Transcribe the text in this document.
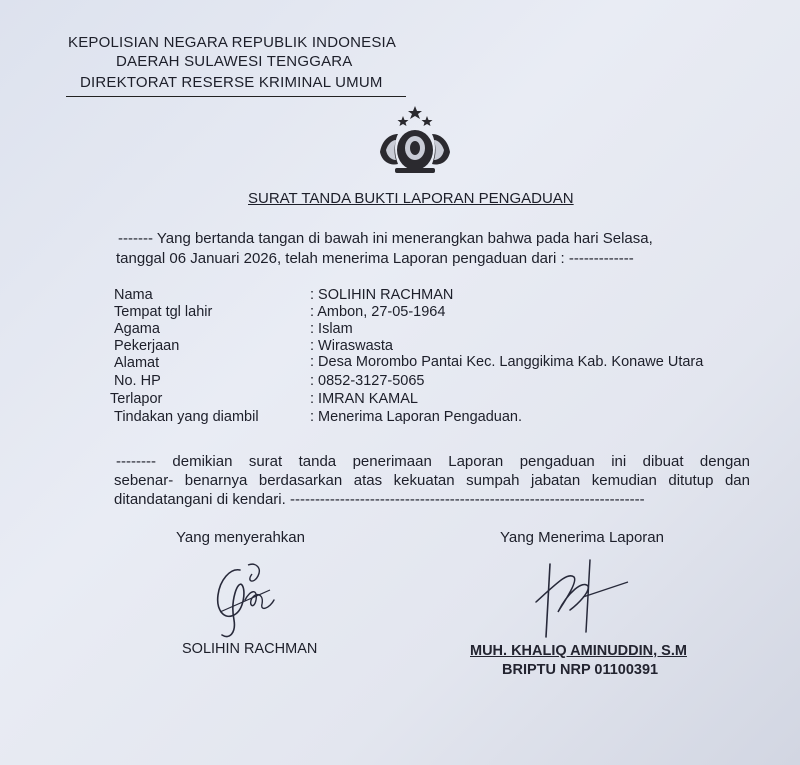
KEPOLISIAN NEGARA REPUBLIK INDONESIA
DAERAH SULAWESI TENGGARA
DIREKTORAT RESERSE KRIMINAL UMUM
SURAT TANDA BUKTI LAPORAN PENGADUAN
------- Yang bertanda tangan di bawah ini menerangkan bahwa pada hari Selasa,
tanggal 06 Januari 2026, telah menerima Laporan pengaduan dari : -------------
Nama	: SOLIHIN RACHMAN
Tempat tgl lahir	: Ambon, 27-05-1964
Agama	: Islam
Pekerjaan	: Wiraswasta
Alamat	: Desa Morombo Pantai Kec. Langgikima Kab. Konawe Utara
No. HP	: 0852-3127-5065
Terlapor	: IMRAN KAMAL
Tindakan yang diambil	: Menerima Laporan Pengaduan.
-------- demikian surat tanda penerimaan Laporan pengaduan ini dibuat dengan
sebenar- benarnya berdasarkan atas kekuatan sumpah jabatan kemudian ditutup dan
ditandatangani di kendari. -----------------------------------------------------------------------
Yang menyerahkan	Yang Menerima Laporan
SOLIHIN RACHMAN	MUH. KHALIQ AMINUDDIN, S.M
BRIPTU NRP 01100391
